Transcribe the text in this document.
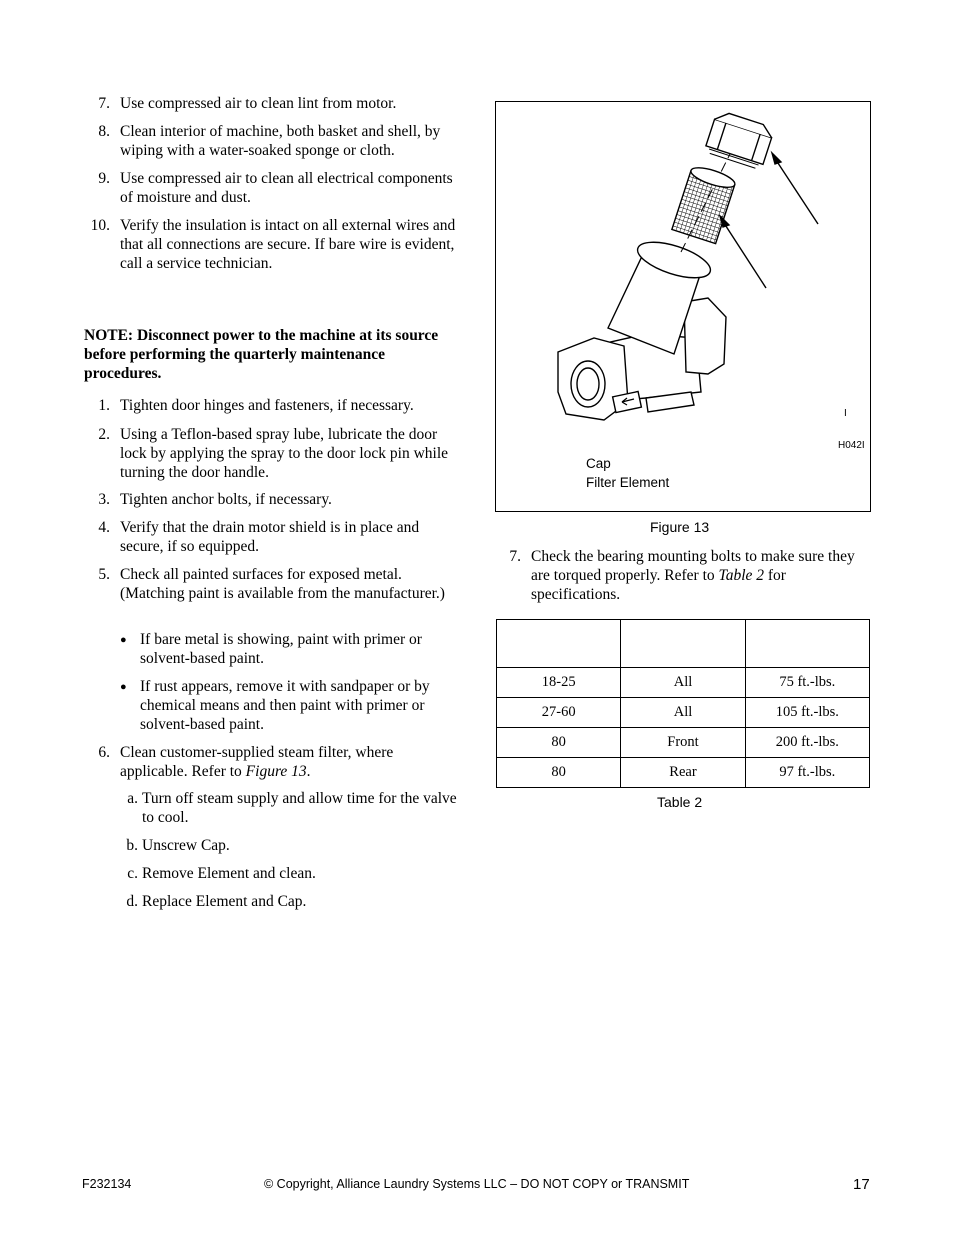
7. Use compressed air to clean lint from motor.
8. Clean interior of machine, both basket and shell, by wiping with a water-soaked sponge or cloth.
9. Use compressed air to clean all electrical components of moisture and dust.
10. Verify the insulation is intact on all external wires and that all connections are secure. If bare wire is evident, call a service technician.
NOTE: Disconnect power to the machine at its source before performing the quarterly maintenance procedures.
1. Tighten door hinges and fasteners, if necessary.
2. Using a Teflon-based spray lube, lubricate the door lock by applying the spray to the door lock pin while turning the door handle.
3. Tighten anchor bolts, if necessary.
4. Verify that the drain motor shield is in place and secure, if so equipped.
5. Check all painted surfaces for exposed metal. (Matching paint is available from the manufacturer.)
● If bare metal is showing, paint with primer or solvent-based paint.
● If rust appears, remove it with sandpaper or by chemical means and then paint with primer or solvent-based paint.
6. Clean customer-supplied steam filter, where applicable. Refer to Figure 13.
a. Turn off steam supply and allow time for the valve to cool.
b. Unscrew Cap.
c. Remove Element and clean.
d. Replace Element and Cap.
I
H042I
Cap
Filter Element
Figure 13
7. Check the bearing mounting bolts to make sure they are torqued properly. Refer to Table 2 for specifications.

18-25	All	75 ft.-lbs.
27-60	All	105 ft.-lbs.
80	Front	200 ft.-lbs.
80	Rear	97 ft.-lbs.
Table 2
F232134	© Copyright, Alliance Laundry Systems LLC – DO NOT COPY or TRANSMIT	17
